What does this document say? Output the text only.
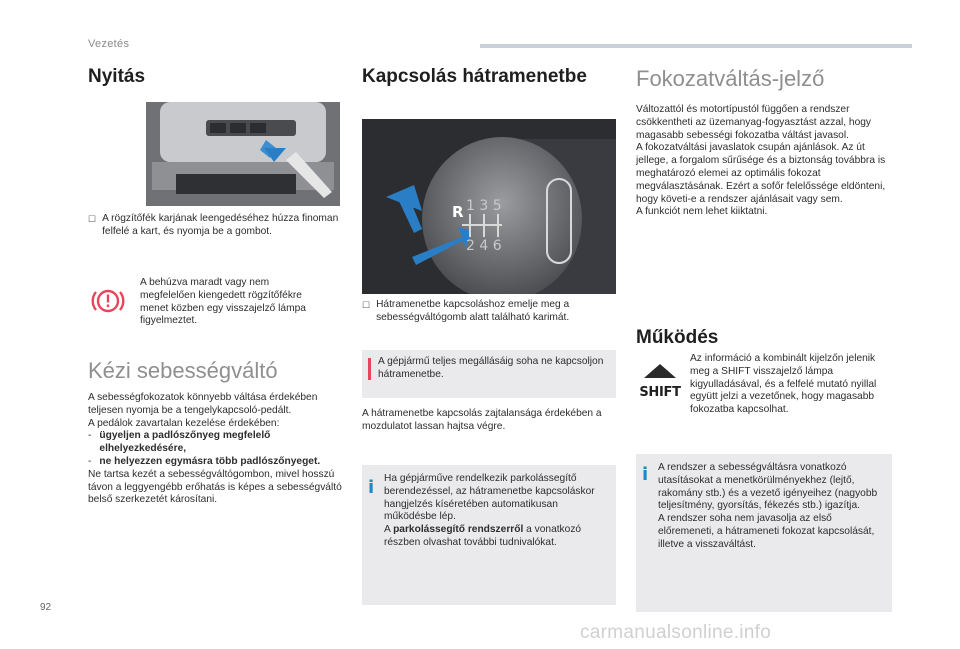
Vezetés
Nyitás
☐ A rögzítőfék karjának leengedéséhez húzza finoman felfelé a kart, és nyomja be a gombot.
A behúzva maradt vagy nem megfelelően kiengedett rögzítőfékre menet közben egy visszajelző lámpa figyelmeztet.
Kézi sebességváltó
A sebességfokozatok könnyebb váltása érdekében teljesen nyomja be a tengelykapcsoló-pedált.
A pedálok zavartalan kezelése érdekében:
- ügyeljen a padlószőnyeg megfelelő elhelyezkedésére,
- ne helyezzen egymásra több padlószőnyeget.
Ne tartsa kezét a sebességváltógombon, mivel hosszú távon a leggyengébb erőhatás is képes a sebességváltó belső szerkezetét károsítani.
Kapcsolás hátramenetbe
1 3 5
2 4 6
R
☐ Hátramenetbe kapcsoláshoz emelje meg a sebességváltógomb alatt található karimát.
A gépjármű teljes megállásáig soha ne kapcsoljon hátramenetbe.
A hátramenetbe kapcsolás zajtalansága érdekében a mozdulatot lassan hajtsa végre.
i Ha gépjárműve rendelkezik parkolássegítő berendezéssel, az hátramenetbe kapcsoláskor hangjelzés kíséretében automatikusan működésbe lép.
A parkolássegítő rendszerről a vonatkozó részben olvashat további tudnivalókat.
Fokozatváltás-jelző
Változattól és motortípustól függően a rendszer csökkentheti az üzemanyag-fogyasztást azzal, hogy magasabb sebességi fokozatba váltást javasol.
A fokozatváltási javaslatok csupán ajánlások. Az út jellege, a forgalom sűrűsége és a biztonság továbbra is meghatározó elemei az optimális fokozat megválasztásának. Ezért a sofőr felelőssége eldönteni, hogy követi-e a rendszer ajánlásait vagy sem.
A funkciót nem lehet kiiktatni.
Működés
SHIFT
Az információ a kombinált kijelzőn jelenik meg a SHIFT visszajelző lámpa kigyulladásával, és a felfelé mutató nyillal együtt jelzi a vezetőnek, hogy magasabb fokozatba kapcsolhat.
i A rendszer a sebességváltásra vonatkozó utasításokat a menetkörülményekhez (lejtő, rakomány stb.) és a vezető igényeihez (nagyobb teljesítmény, gyorsítás, fékezés stb.) igazítja.
A rendszer soha nem javasolja az első előremeneti, a hátrameneti fokozat kapcsolását, illetve a visszaváltást.
92
carmanualsonline.info
